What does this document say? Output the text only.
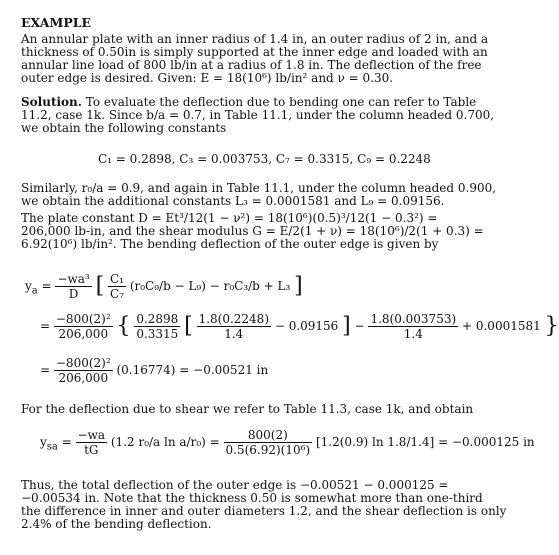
EXAMPLE
An annular plate with an inner radius of 1.4 in, an outer radius of 2 in, and a
thickness of 0.50in is simply supported at the inner edge and loaded with an
annular line load of 800 lb/in at a radius of 1.8 in. The deflection of the free
outer edge is desired. Given: E = 18(10⁶) lb/in² and ν = 0.30.
Solution. To evaluate the deflection due to bending one can refer to Table
11.2, case 1k. Since b/a = 0.7, in Table 11.1, under the column headed 0.700,
we obtain the following constants
C₁ = 0.2898, C₃ = 0.003753, C₇ = 0.3315, C₉ = 0.2248
Similarly, r₀/a = 0.9, and again in Table 11.1, under the column headed 0.900,
we obtain the additional constants L₃ = 0.0001581 and L₉ = 0.09156.
The plate constant D = Et³/12(1 − ν²) = 18(10⁶)(0.5)³/12(1 − 0.3²) =
206,000 lb-in, and the shear modulus G = E/2(1 + ν) = 18(10⁶)/2(1 + 0.3) =
6.92(10⁶) lb/in². The bending deflection of the outer edge is given by
$y_a = \frac{\text{−wa³}}{D}$ [ $\frac{\text{C₁}}{\text{C₇}} (r_0C_9/b - L_9) - r_0C_3/b + L_3$ ]
= $\frac{\text{−800(2)²}}{206,000}$ { $\frac{0.2898}{0.3315}$ [ $\frac{1.8(0.2248)}{1.4} - 0.09156$ ] − $\frac{1.8(0.003753)}{1.4} + 0.0001581$ }
= $\frac{\text{−800(2)²}}{206,000} (0.16774) = -0.00521$ in
For the deflection due to shear we refer to Table 11.3, case 1k, and obtain
$y_{sa} = \frac{-wa}{tG} (1.2$ r₀/a $\ln a/r_0) = \frac{800(2)}{\text{0.5(6.92)(10⁶)}} [1.2(0.9)$ ln 1.8/1.4] = −0.000125 in
Thus, the total deflection of the outer edge is −0.00521 − 0.000125 =
−0.00534 in. Note that the thickness 0.50 is somewhat more than one-third
the difference in inner and outer diameters 1.2, and the shear deflection is only
2.4% of the bending deflection.
